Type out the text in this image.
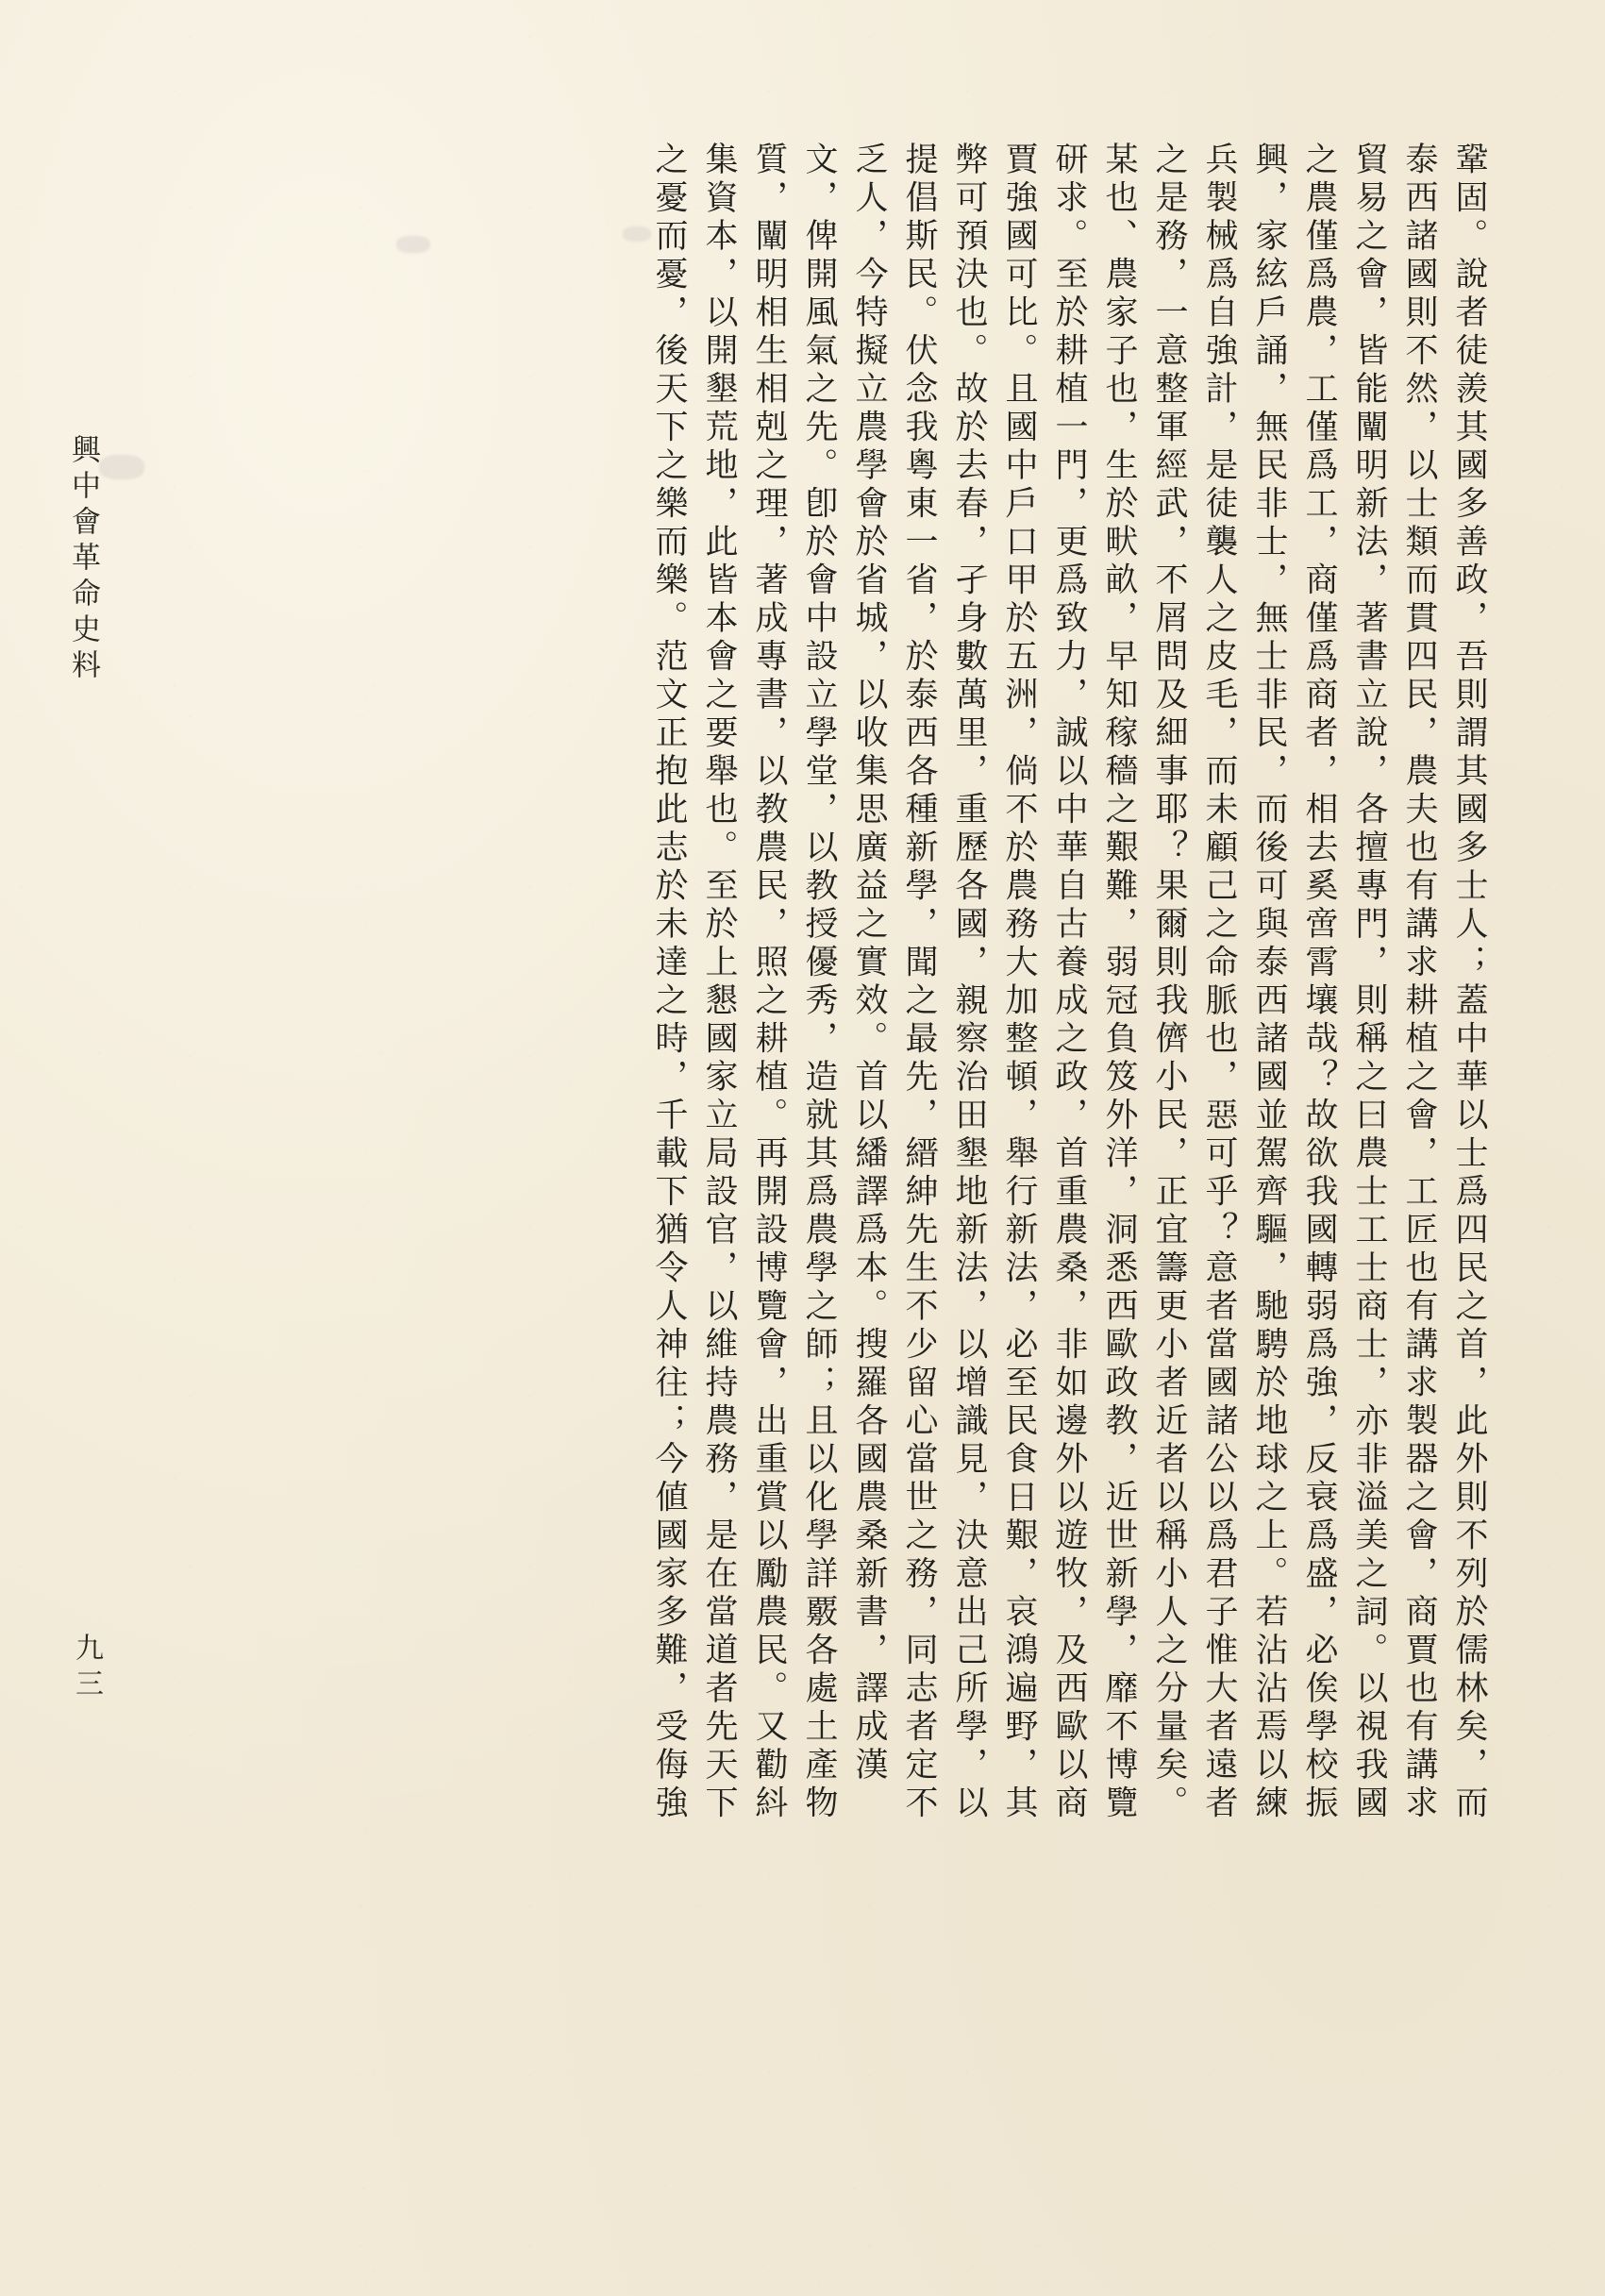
興中會革命史料
九三	鞏固。說者徒羨其國多善政，吾則謂其國多士人；蓋中華以士爲四民之首，此外則不列於儒林矣，而
泰西諸國則不然，以士類而貫四民，農夫也有講求耕植之會，工匠也有講求製器之會，商賈也有講求
貿易之會，皆能闡明新法，著書立說，各擅專門，則稱之曰農士工士商士，亦非溢美之詞。以視我國
之農僅爲農，工僅爲工，商僅爲商者，相去奚啻霄壤哉？故欲我國轉弱爲強，反衰爲盛，必俟學校振
興，家絃戶誦，無民非士，無士非民，而後可與泰西諸國並駕齊驅，馳騁於地球之上。若沾沾焉以練
兵製械爲自強計，是徒襲人之皮毛，而未顧己之命脈也，惡可乎？意者當國諸公以爲君子惟大者遠者
之是務，一意整軍經武，不屑問及細事耶？果爾則我儕小民，正宜籌更小者近者以稱小人之分量矣。
某也、農家子也，生於畎畝，早知稼穡之艱難，弱冠負笈外洋，洞悉西歐政教，近世新學，靡不博覽
研求。至於耕植一門，更爲致力，誠以中華自古養成之政，首重農桑，非如邊外以遊牧，及西歐以商
賈強國可比。且國中戶口甲於五洲，倘不於農務大加整頓，舉行新法，必至民食日艱，哀鴻遍野，其
弊可預決也。故於去春，孑身數萬里，重歷各國，親察治田墾地新法，以增識見，決意出己所學，以
提倡斯民。伏念我粵東一省，於泰西各種新學，聞之最先，縉紳先生不少留心當世之務，同志者定不
乏人，今特擬立農學會於省城，以收集思廣益之實效。首以繙譯爲本。搜羅各國農桑新書，譯成漢
文，俾開風氣之先。卽於會中設立學堂，以教授優秀，造就其爲農學之師；且以化學詳覈各處土產物
質，闡明相生相剋之理，著成專書，以教農民，照之耕植。再開設博覽會，出重賞以勵農民。又勸紏
集資本，以開墾荒地，此皆本會之要舉也。至於上懇國家立局設官，以維持農務，是在當道者先天下
之憂而憂，後天下之樂而樂。范文正抱此志於未達之時，千載下猶令人神往；今値國家多難，受侮強
